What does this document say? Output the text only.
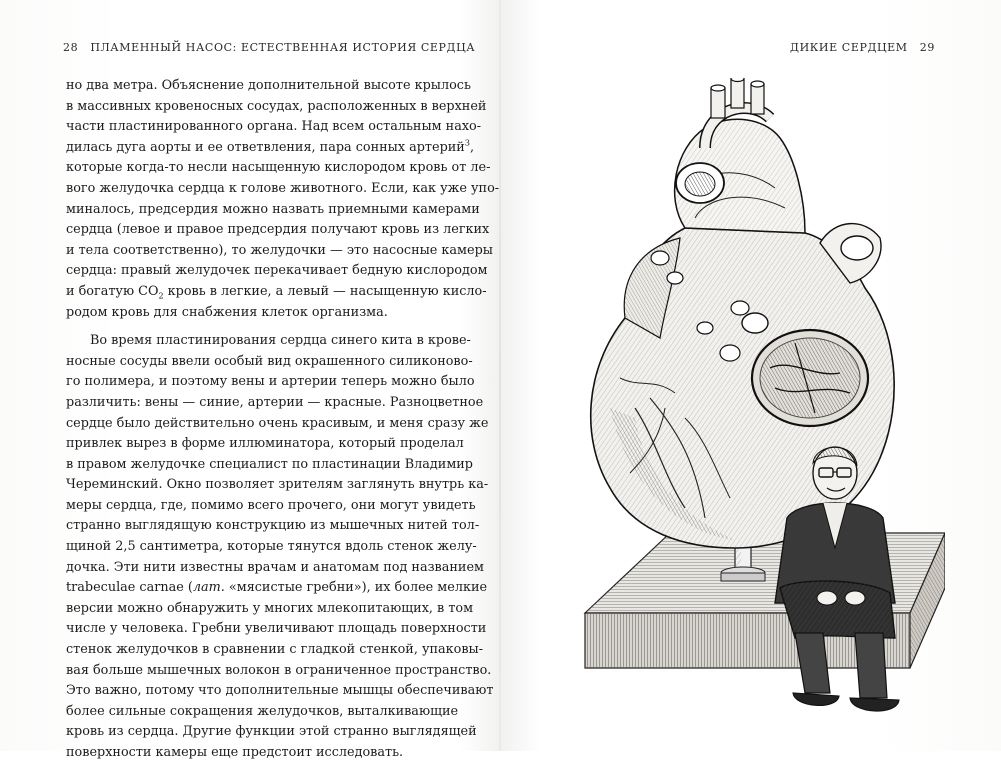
28 ПЛАМЕННЫЙ НАСОС: ЕСТЕСТВЕННАЯ ИСТОРИЯ СЕРДЦА	ДИКИЕ СЕРДЦЕМ 29
но два метра. Объяснение дополнительной высоте крылось
в массивных кровеносных сосудах, расположенных в верхней
части пластинированного органа. Над всем остальным нахо-
дилась дуга аорты и ее ответвления, пара сонных артерий$^3$,
которые когда-то несли насыщенную кислородом кровь от ле-
вого желудочка сердца к голове животного. Если, как уже упо-
миналось, предсердия можно назвать приемными камерами
сердца (левое и правое предсердия получают кровь из легких
и тела соответственно), то желудочки — это насосные камеры
сердца: правый желудочек перекачивает бедную кислородом
и богатую $CO_2$ кровь в легкие, а левый — насыщенную кисло-
родом кровь для снабжения клеток организма.
Во время пластинирования сердца синего кита в крове-
носные сосуды ввели особый вид окрашенного силиконово-
го полимера, и поэтому вены и артерии теперь можно было
различить: вены — синие, артерии — красные. Разноцветное
сердце было действительно очень красивым, и меня сразу же
привлек вырез в форме иллюминатора, который проделал
в правом желудочке специалист по пластинации Владимир
Череминский. Окно позволяет зрителям заглянуть внутрь ка-
меры сердца, где, помимо всего прочего, они могут увидеть
странно выглядящую конструкцию из мышечных нитей тол-
щиной 2,5 сантиметра, которые тянутся вдоль стенок желу-
дочка. Эти нити известны врачам и анатомам под названием
trabeculae carnae (лат. «мясистые гребни»), их более мелкие
версии можно обнаружить у многих млекопитающих, в том
числе у человека. Гребни увеличивают площадь поверхности
стенок желудочков в сравнении с гладкой стенкой, упаковы-
вая больше мышечных волокон в ограниченное пространство.
Это важно, потому что дополнительные мышцы обеспечивают
более сильные сокращения желудочков, выталкивающие
кровь из сердца. Другие функции этой странно выглядящей
поверхности камеры еще предстоит исследовать.
